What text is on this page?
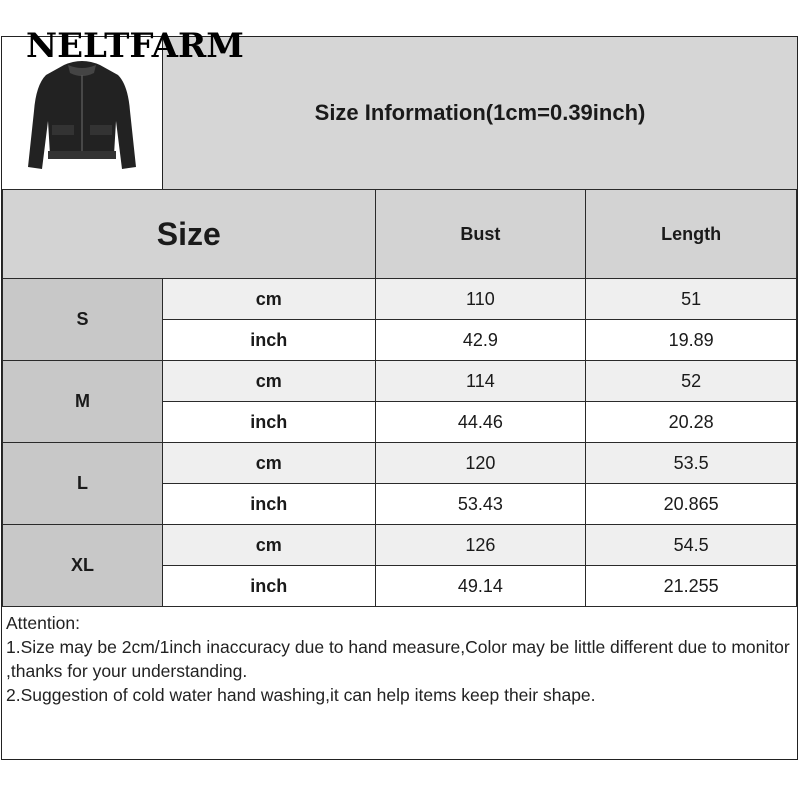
NELTFARM
Size Information(1cm=0.39inch)
Size		Bust	Length
S	cm	110	51
	inch	42.9	19.89
M	cm	114	52
	inch	44.46	20.28
L	cm	120	53.5
	inch	53.43	20.865
XL	cm	126	54.5
	inch	49.14	21.255
Attention:
1.Size may be 2cm/1inch inaccuracy due to hand measure,Color may be little different due to monitor ,thanks for your understanding.
2.Suggestion of cold water hand washing,it can help items keep their shape.
